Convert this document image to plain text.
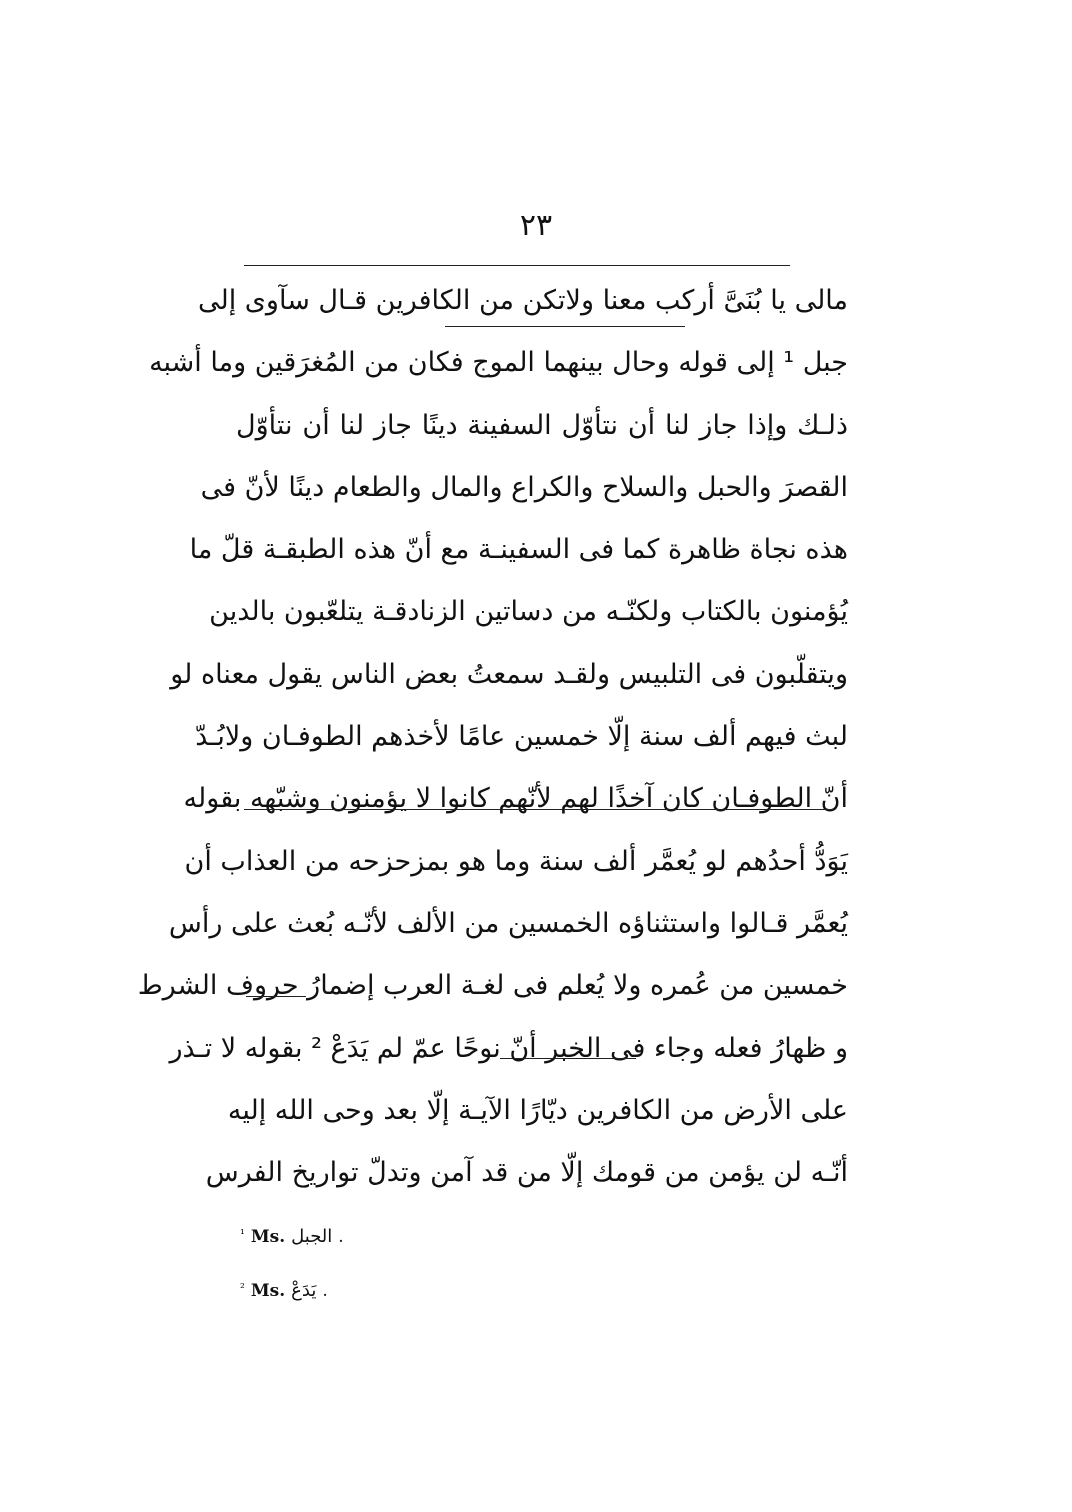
٢٣
مالى يا بُنَىَّ أركب معنا ولاتكن من الكافرين قـال سآوى إلى
جبل ¹ إلى قوله وحال بينهما الموج فكان من المُغرَقين وما أشبه
ذلـك وإذا جاز لنا أن نتأوّل السفينة دينًا جاز لنا أن نتأوّل
القصرَ والحبل والسلاح والكراع والمال والطعام دينًا لأنّ فى
هذه نجاة ظاهرة كما فى السفينـة مع أنّ هذه الطبقـة قلّ ما
يُؤمنون بالكتاب ولكنّـه من دساتين الزنادقـة يتلعّبون بالدين
ويتقلّبون فى التلبيس ولقـد سمعتُ بعض الناس يقول معناه لو
لبث فيهم ألف سنة إلّا خمسين عامًا لأخذهم الطوفـان ولابُـدّ
أنّ الطوفـان كان آخذًا لهم لأنّهم كانوا لا يؤمنون وشبّهه بقوله
يَوَدُّ أحدُهم لو يُعمَّر ألف سنة وما هو بمزحزحه من العذاب أن
يُعمَّر قـالوا واستثناؤه الخمسين من الألف لأنّـه بُعث على رأس
خمسين من عُمره ولا يُعلم فى لغـة العرب إضمارُ حروف الشرط
و ظهارُ فعله وجاء فى الخبر أنّ نوحًا عمّ لم يَدَعْ ² بقوله لا تـذر
على الأرض من الكافرين ديّارًا الآيـة إلّا بعد وحى الله إليه
أنّـه لن يؤمن من قومك إلّا من قد آمن وتدلّ تواريخ الفرس
¹ Ms. الجبل .
² Ms. يَدَعْ .
